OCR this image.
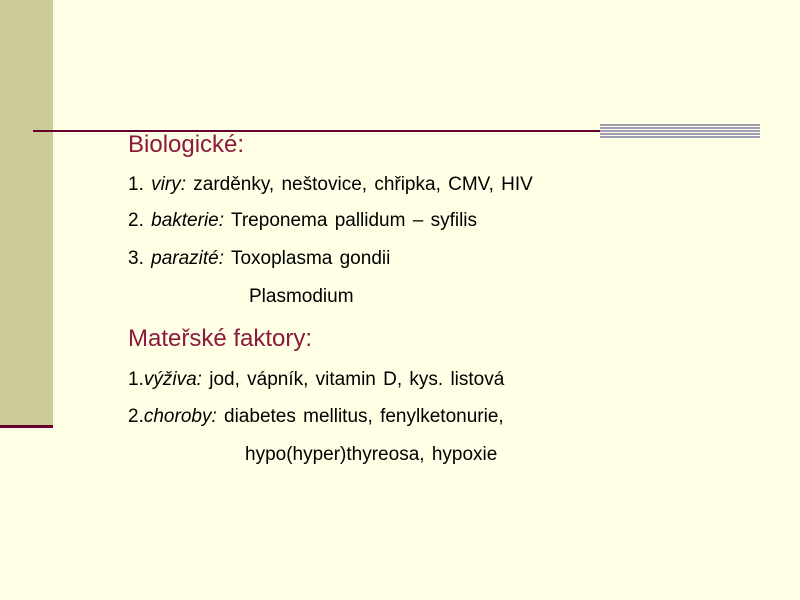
Biologické:
1. viry: zarděnky, neštovice, chřipka, CMV, HIV
2. bakterie: Treponema pallidum – syfilis
3. parazité: Toxoplasma gondii
Plasmodium
Mateřské faktory:
1.výživa: jod, vápník, vitamin D, kys. listová
2.choroby: diabetes mellitus, fenylketonurie,
hypo(hyper)thyreosa, hypoxie
